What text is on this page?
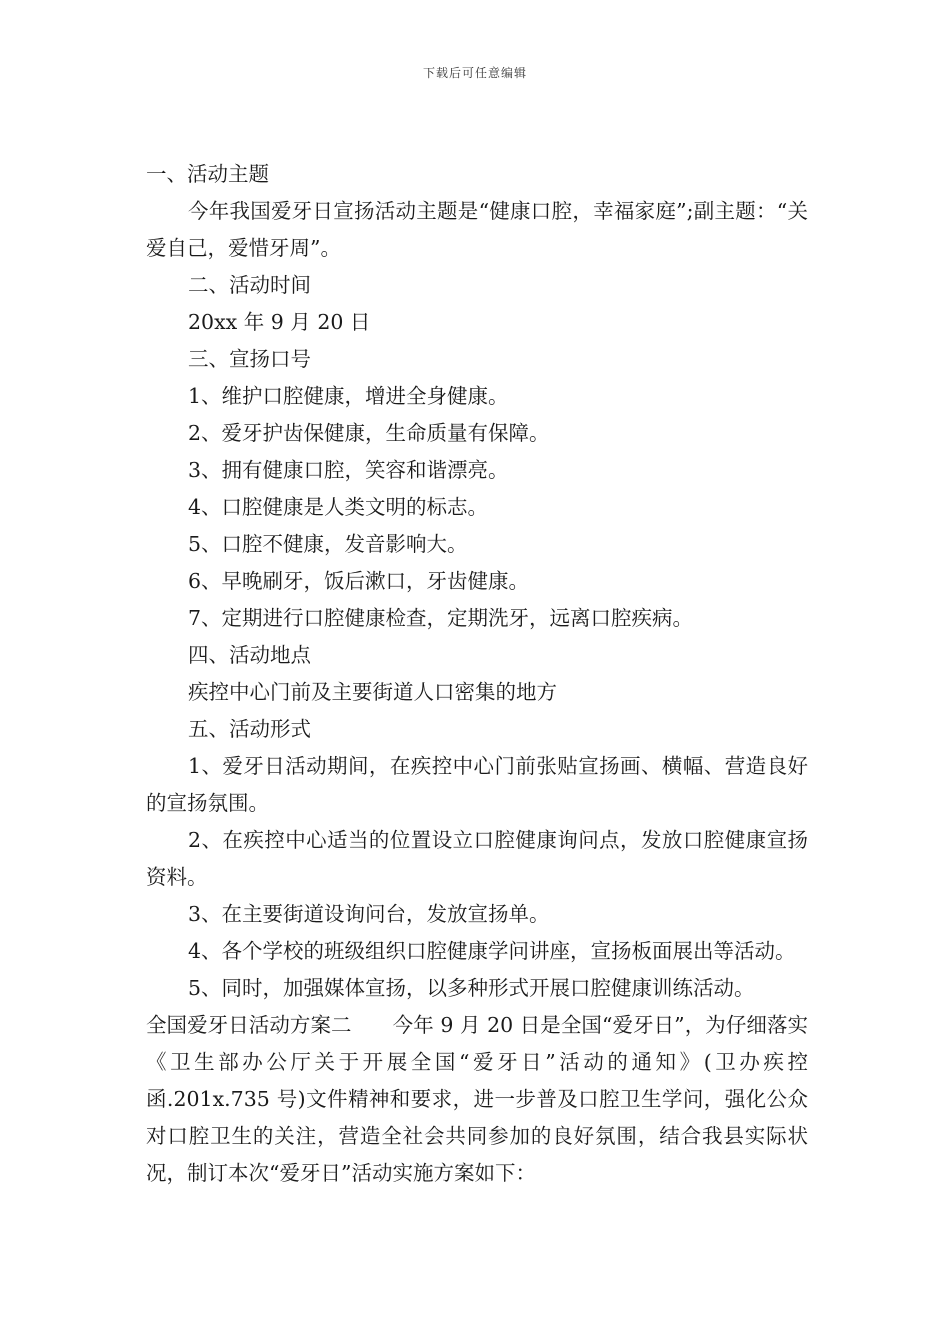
下载后可任意编辑
一、活动主题
今年我国爱牙日宣扬活动主题是“健康口腔，幸福家庭”;副主题：“关爱自己，爱惜牙周”。
二、活动时间
20xx 年 9 月 20 日
三、宣扬口号
1、维护口腔健康，增进全身健康。
2、爱牙护齿保健康，生命质量有保障。
3、拥有健康口腔，笑容和谐漂亮。
4、口腔健康是人类文明的标志。
5、口腔不健康，发音影响大。
6、早晚刷牙，饭后漱口，牙齿健康。
7、定期进行口腔健康检查，定期洗牙，远离口腔疾病。
四、活动地点
疾控中心门前及主要街道人口密集的地方
五、活动形式
1、爱牙日活动期间，在疾控中心门前张贴宣扬画、横幅、营造良好的宣扬氛围。
2、在疾控中心适当的位置设立口腔健康询问点，发放口腔健康宣扬资料。
3、在主要街道设询问台，发放宣扬单。
4、各个学校的班级组织口腔健康学问讲座，宣扬板面展出等活动。
5、同时，加强媒体宣扬，以多种形式开展口腔健康训练活动。
全国爱牙日活动方案二　　今年 9 月 20 日是全国“爱牙日”，为仔细落实《卫生部办公厅关于开展全国“爱牙日”活动的通知》(卫办疾控函.201x.735 号)文件精神和要求，进一步普及口腔卫生学问，强化公众对口腔卫生的关注，营造全社会共同参加的良好氛围，结合我县实际状况，制订本次“爱牙日”活动实施方案如下：
